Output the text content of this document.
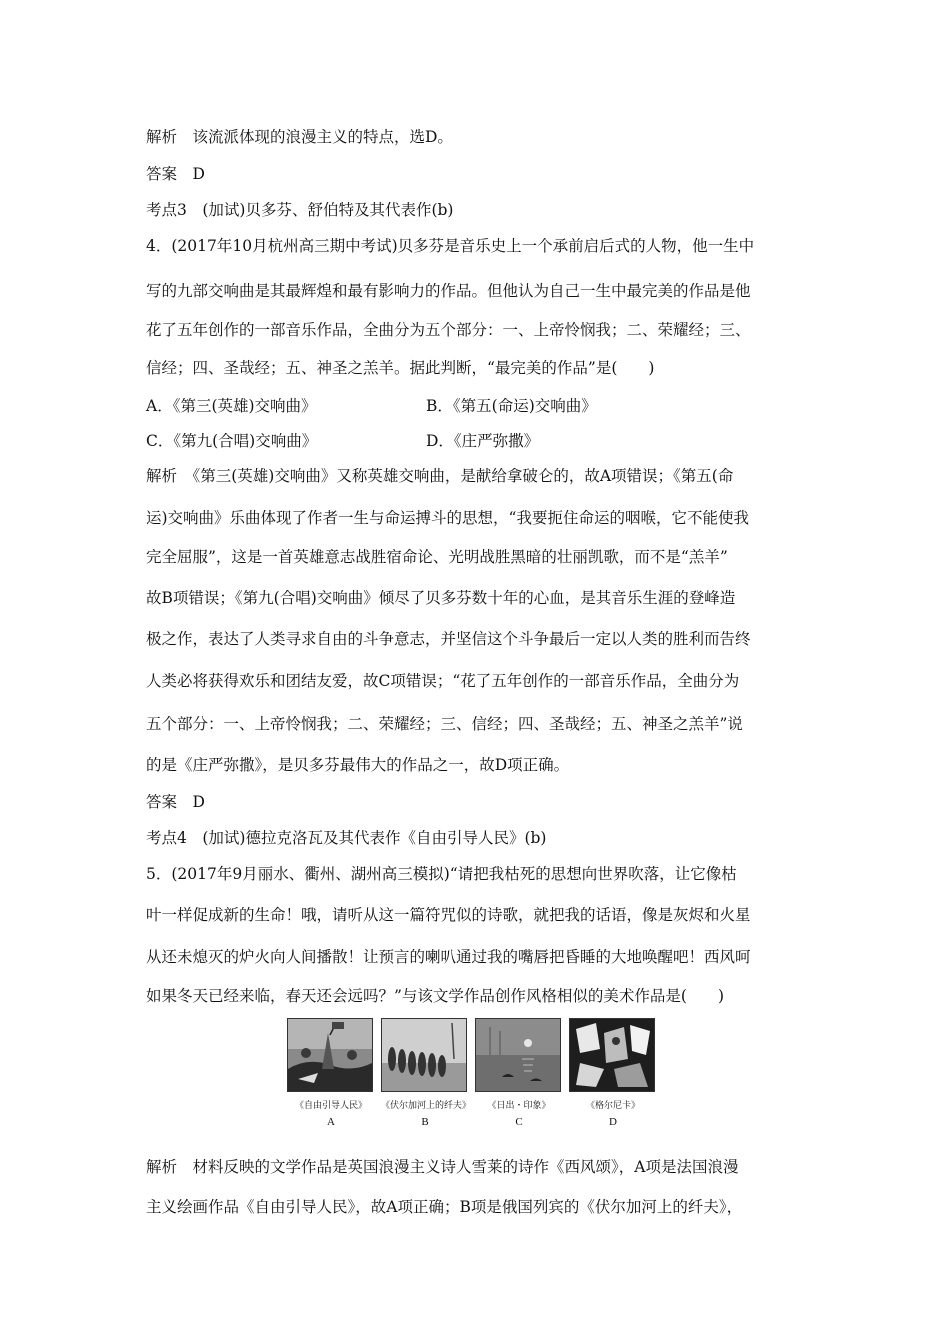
解析　该流派体现的浪漫主义的特点，选D。
答案　D
考点3　(加试)贝多芬、舒伯特及其代表作(b)
4．(2017年10月杭州高三期中考试)贝多芬是音乐史上一个承前启后式的人物，他一生中
写的九部交响曲是其最辉煌和最有影响力的作品。但他认为自己一生中最完美的作品是他
花了五年创作的一部音乐作品，全曲分为五个部分：一、上帝怜悯我；二、荣耀经；三、
信经；四、圣哉经；五、神圣之羔羊。据此判断，“最完美的作品”是(　　)
A．《第三(英雄)交响曲》	B．《第五(命运)交响曲》
C．《第九(合唱)交响曲》	D．《庄严弥撒》
解析　《第三(英雄)交响曲》又称英雄交响曲，是献给拿破仑的，故A项错误；《第五(命
运)交响曲》乐曲体现了作者一生与命运搏斗的思想，“我要扼住命运的咽喉，它不能使我
完全屈服”，这是一首英雄意志战胜宿命论、光明战胜黑暗的壮丽凯歌，而不是“羔羊”
故B项错误；《第九(合唱)交响曲》倾尽了贝多芬数十年的心血，是其音乐生涯的登峰造
极之作，表达了人类寻求自由的斗争意志，并坚信这个斗争最后一定以人类的胜利而告终
人类必将获得欢乐和团结友爱，故C项错误；“花了五年创作的一部音乐作品，全曲分为
五个部分：一、上帝怜悯我；二、荣耀经；三、信经；四、圣哉经；五、神圣之羔羊”说
的是《庄严弥撒》，是贝多芬最伟大的作品之一，故D项正确。
答案　D
考点4　(加试)德拉克洛瓦及其代表作《自由引导人民》(b)
5．(2017年9月丽水、衢州、湖州高三模拟)“请把我枯死的思想向世界吹落，让它像枯
叶一样促成新的生命！哦，请听从这一篇符咒似的诗歌，就把我的话语，像是灰烬和火星
从还未熄灭的炉火向人间播散！让预言的喇叭通过我的嘴唇把昏睡的大地唤醒吧！西风呵
如果冬天已经来临，春天还会远吗？”与该文学作品创作风格相似的美术作品是(　　)
《自由引导人民》
A
《伏尔加河上的纤夫》
B
《日出・印象》
C
《格尔尼卡》
D
解析　材料反映的文学作品是英国浪漫主义诗人雪莱的诗作《西风颂》，A项是法国浪漫
主义绘画作品《自由引导人民》，故A项正确；B项是俄国列宾的《伏尔加河上的纤夫》，
